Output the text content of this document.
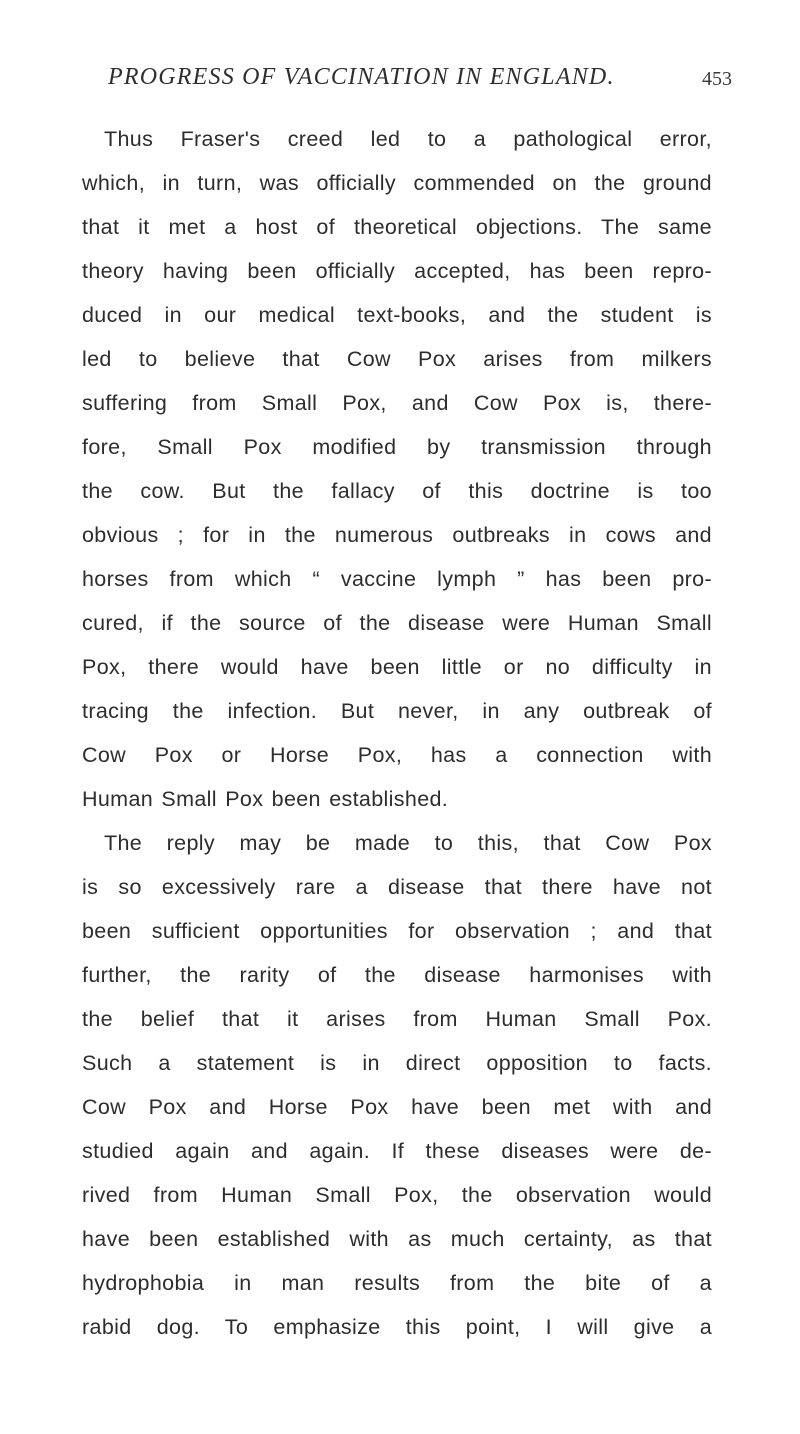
PROGRESS OF VACCINATION IN ENGLAND.	453
Thus Fraser's creed led to a pathological error,
which, in turn, was officially commended on the ground
that it met a host of theoretical objections. The same
theory having been officially accepted, has been repro-
duced in our medical text-books, and the student is
led to believe that Cow Pox arises from milkers
suffering from Small Pox, and Cow Pox is, there-
fore, Small Pox modified by transmission through
the cow. But the fallacy of this doctrine is too
obvious ; for in the numerous outbreaks in cows and
horses from which “ vaccine lymph ” has been pro-
cured, if the source of the disease were Human Small
Pox, there would have been little or no difficulty in
tracing the infection. But never, in any outbreak of
Cow Pox or Horse Pox, has a connection with
Human Small Pox been established.
The reply may be made to this, that Cow Pox
is so excessively rare a disease that there have not
been sufficient opportunities for observation ; and that
further, the rarity of the disease harmonises with
the belief that it arises from Human Small Pox.
Such a statement is in direct opposition to facts.
Cow Pox and Horse Pox have been met with and
studied again and again. If these diseases were de-
rived from Human Small Pox, the observation would
have been established with as much certainty, as that
hydrophobia in man results from the bite of a
rabid dog. To emphasize this point, I will give a
